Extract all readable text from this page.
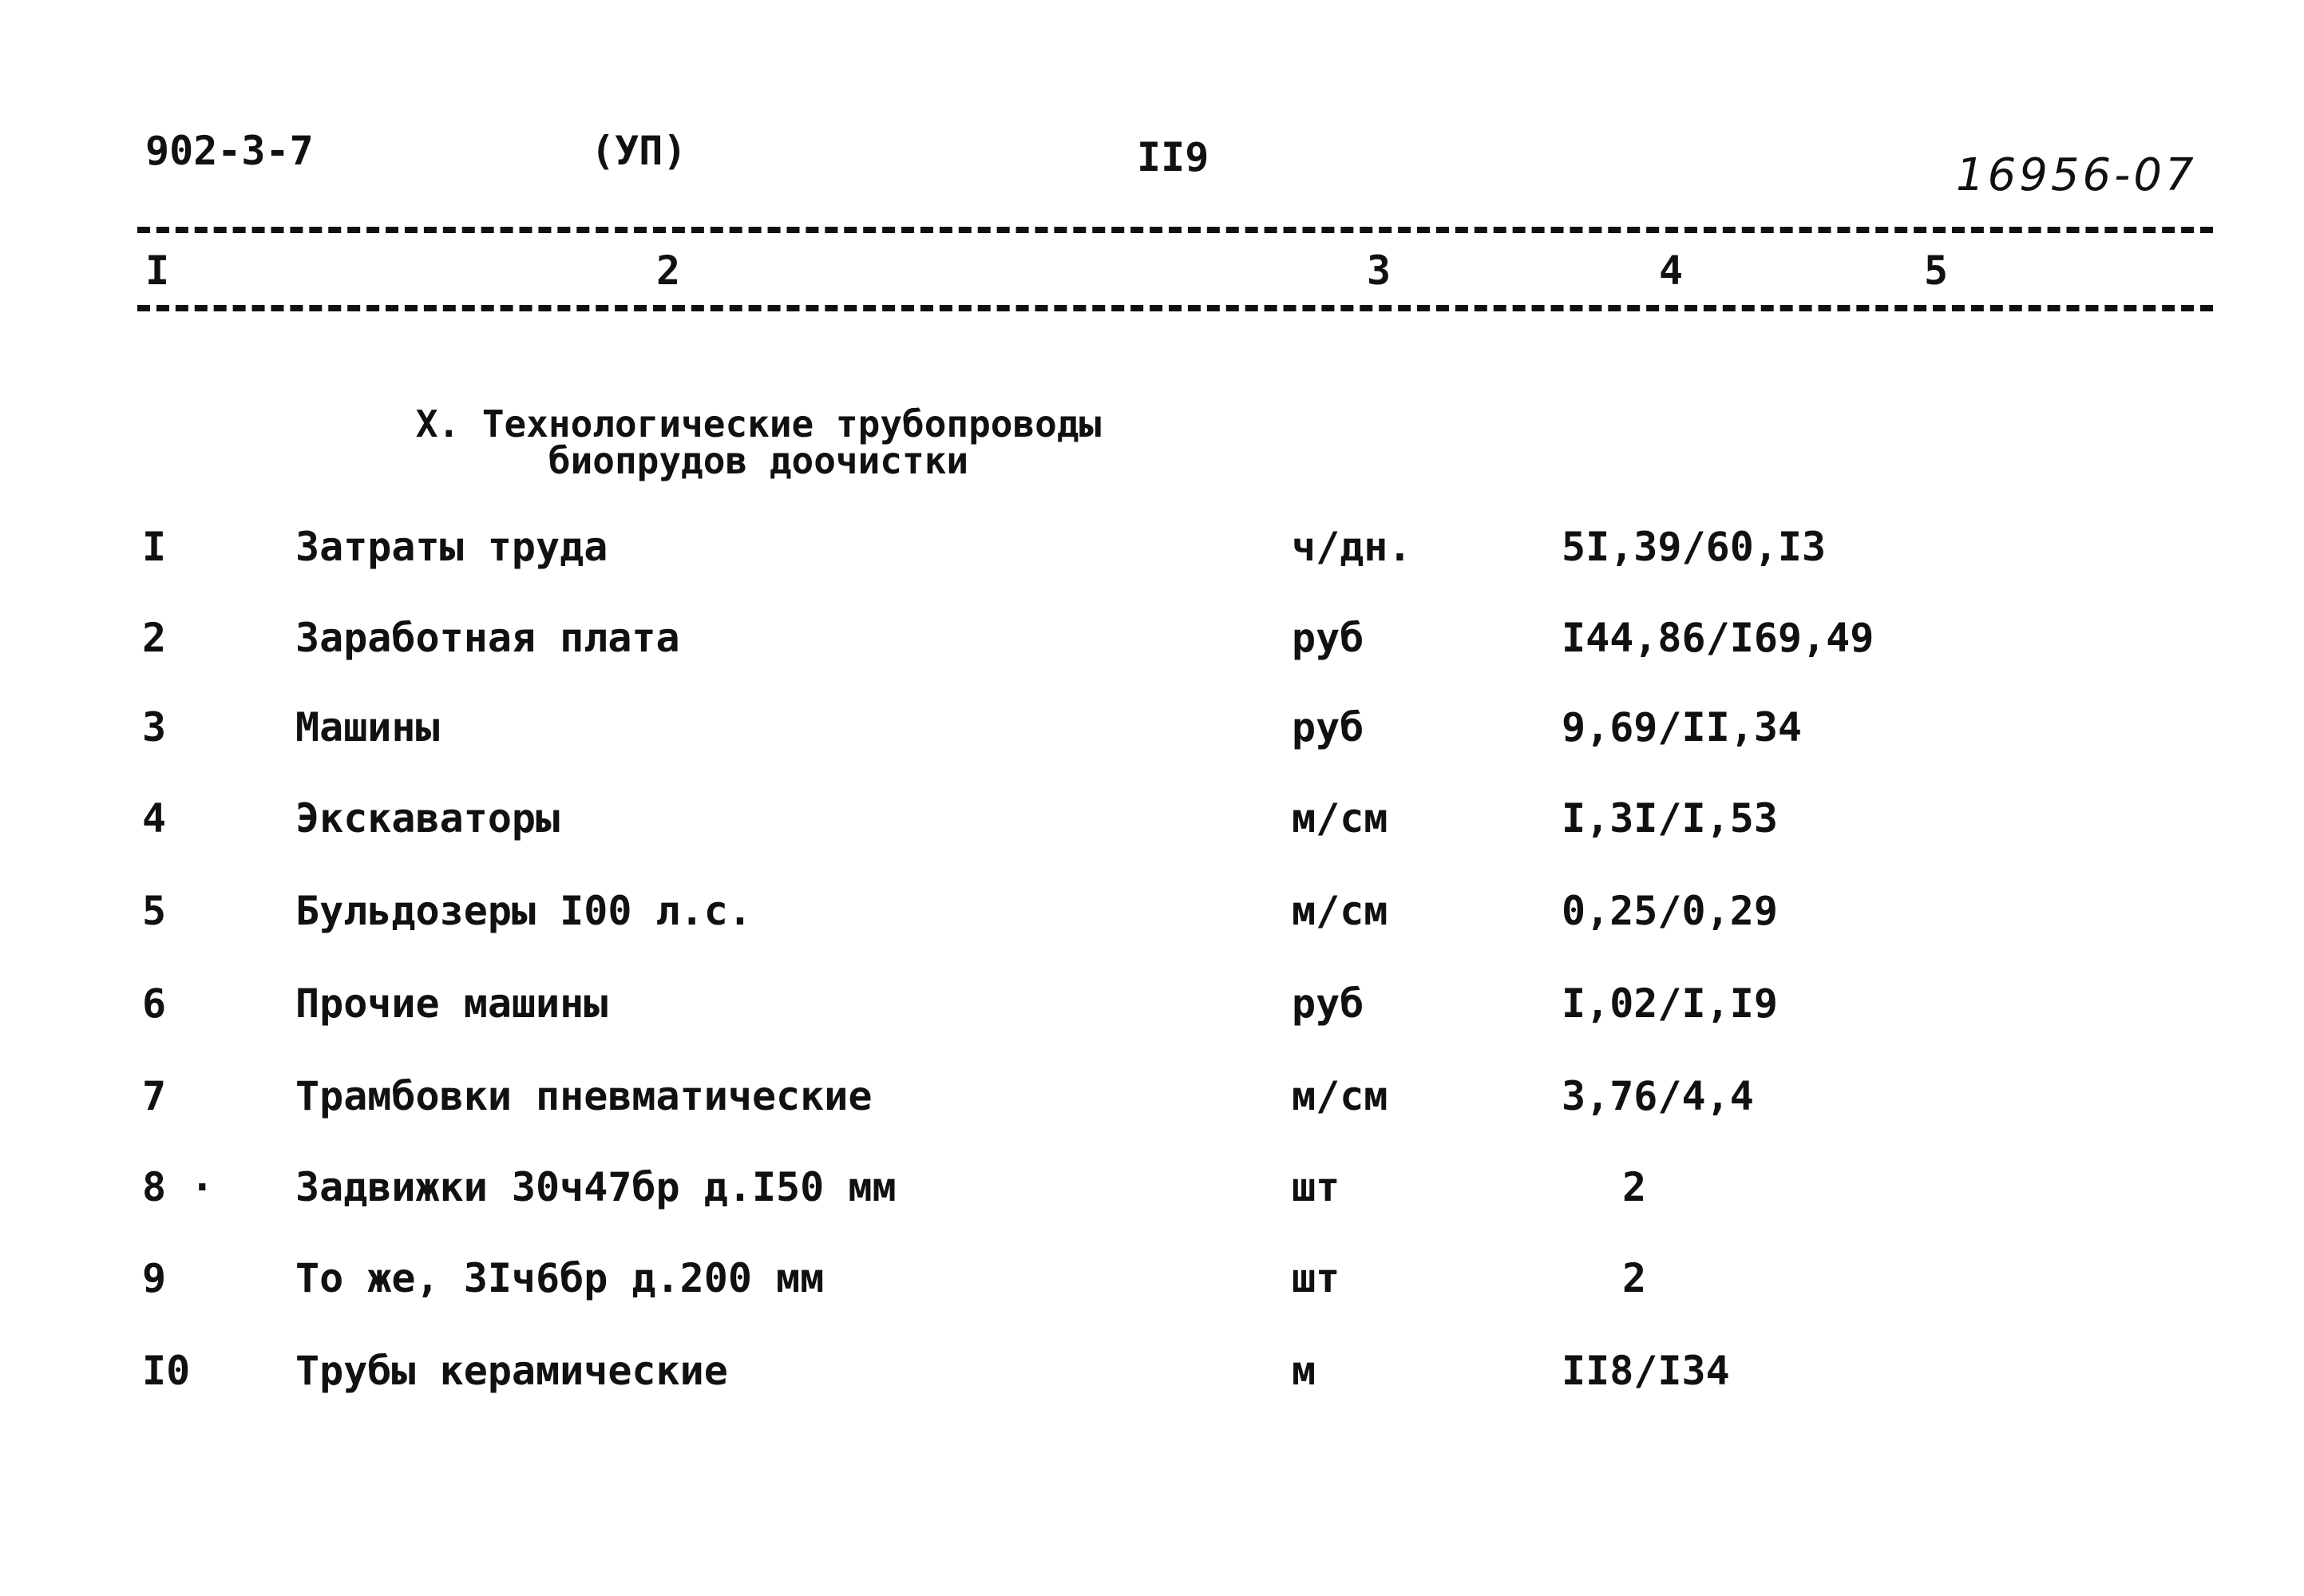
902-3-7	(УП)	II9	16956-07
I	2	3	4	5
X. Технологические трубопроводы
биопрудов доочистки
I	Затраты труда	ч/дн.	5I,39/60,I3
2	Заработная плата	руб	I44,86/I69,49
3	Машины	руб	9,69/II,34
4	Экскаваторы	м/см	I,3I/I,53
5	Бульдозеры I00 л.с.	м/см	0,25/0,29
6	Прочие машины	руб	I,02/I,I9
7	Трамбовки пневматические	м/см	3,76/4,4
8 · Задвижки 30ч47бр д.I50 мм	шт	2
9	То же, 3Iч6бр д.200 мм	шт	2
I0	Трубы керамические	м	II8/I34
